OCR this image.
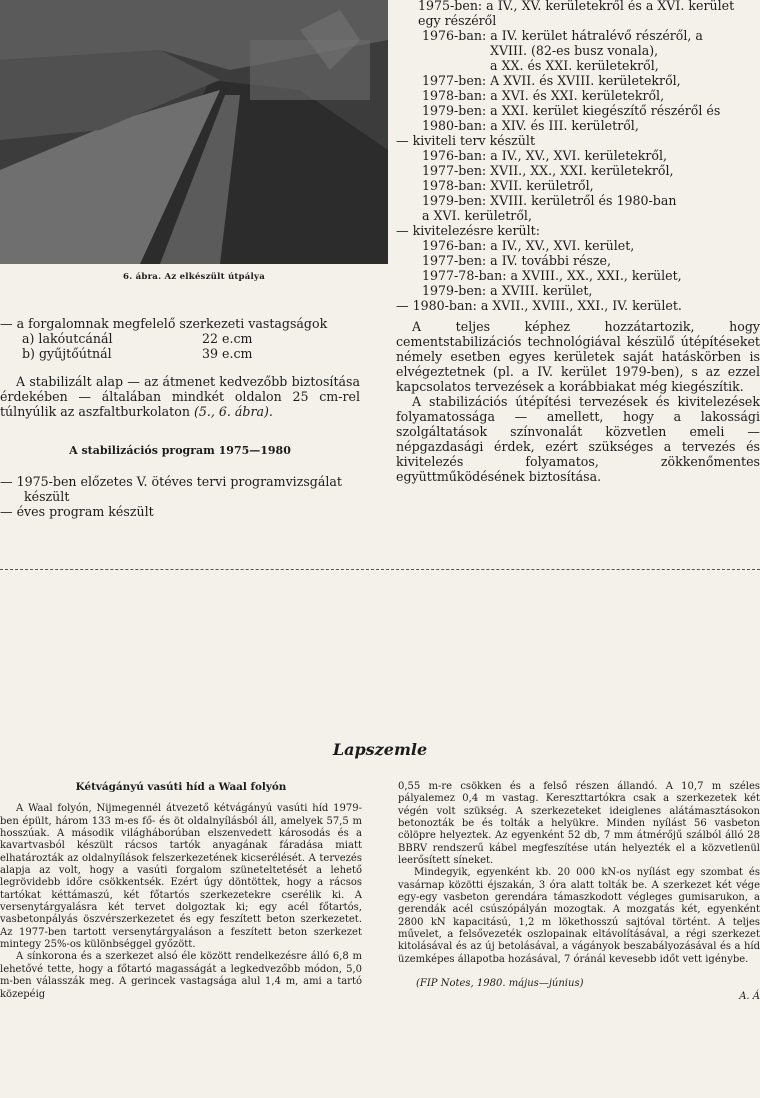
6. ábra. Az elkészült útpálya

— a forgalomnak megfelelő szerkezeti vastagságok

a) lakóutcánál	22 e.cm

b) gyűjtőútnál	39 e.cm

A stabilizált alap — az átmenet kedvezőbb biztosítása érdekében — általában mindkét oldalon 25 cm-rel túlnyúlik az aszfaltburkolaton (5., 6. ábra).

A stabilizációs program 1975—1980

— 1975-ben előzetes V. ötéves tervi programvizsgálat készült

— éves program készült

1975-ben: a IV., XV. kerületekről és a XVI. kerület egy részéről

1976-ban: a IV. kerület hátralévő részéről, a

XVIII. (82-es busz vonala),

a XX. és XXI. kerületekről,

1977-ben: A XVII. és XVIII. kerületekről,

1978-ban: a XVI. és XXI. kerületekről,

1979-ben: a XXI. kerület kiegészítő részéről és

1980-ban: a XIV. és III. kerületről,

— kiviteli terv készült

1976-ban: a IV., XV., XVI. kerületekről,

1977-ben: XVII., XX., XXI. kerületekről,

1978-ban: XVII. kerületről,

1979-ben: XVIII. kerületről és 1980-ban

a XVI. kerületről,

— kivitelezésre került:

1976-ban: a IV., XV., XVI. kerület,

1977-ben: a IV. további része,

1977-78-ban: a XVIII., XX., XXI., kerület,

1979-ben: a XVIII. kerület,

— 1980-ban: a XVII., XVIII., XXI., IV. kerület.

A teljes képhez hozzátartozik, hogy cementstabilizációs technológiával készülő útépítéseket némely esetben egyes kerületek saját hatáskörben is elvégeztetnek (pl. a IV. kerület 1979-ben), s az ezzel kapcsolatos tervezések a korábbiakat még kiegészítik.

A stabilizációs útépítési tervezések és kivitelezések folyamatossága — amellett, hogy a lakossági szolgáltatások színvonalát közvetlen emeli — népgazdasági érdek, ezért szükséges a tervezés és kivitelezés folyamatos, zökkenőmentes együttműködésének biztosítása.

Lapszemle

Kétvágányú vasúti híd a Waal folyón

A Waal folyón, Nijmegennél átvezető kétvágányú vasúti híd 1979-ben épült, három 133 m-es fő- és öt oldalnyílásból áll, amelyek 57,5 m hosszúak. A második világháborúban elszenvedett károsodás és a kavartvasból készült rácsos tartók anyagának fáradása miatt elhatározták az oldalnyílások felszerkezetének kicserélését. A tervezés alapja az volt, hogy a vasúti forgalom szüneteltetését a lehető legrövidebb időre csökkentsék. Ezért úgy döntöttek, hogy a rácsos tartókat kéttámaszú, két főtartós szerkezetekre cserélik ki. A versenytárgyalásra két tervet dolgoztak ki; egy acél főtartós, vasbetonpályás öszvérszerkezetet és egy feszített beton szerkezetet. Az 1977-ben tartott versenytárgyaláson a feszített beton szerkezet mintegy 25%-os különbséggel győzött.

A sínkorona és a szerkezet alsó éle között rendelkezésre álló 6,8 m lehetővé tette, hogy a főtartó magasságát a legkedvezőbb módon, 5,0 m-ben válasszák meg. A gerincek vastagsága alul 1,4 m, ami a tartó közepéig

0,55 m-re csökken és a felső részen állandó. A 10,7 m széles pályalemez 0,4 m vastag. Kereszttartókra csak a szerkezetek két végén volt szükség. A szerkezeteket ideiglenes alátámasztásokon betonozták be és tolták a helyükre. Minden nyílást 56 vasbeton cölöpre helyeztek. Az egyenként 52 db, 7 mm átmérőjű szálból álló 28 BBRV rendszerű kábel megfeszítése után helyezték el a közvetlenül leerősített síneket.

Mindegyik, egyenként kb. 20 000 kN-os nyílást egy szombat és vasárnap közötti éjszakán, 3 óra alatt tolták be. A szerkezet két vége egy-egy vasbeton gerendára támaszkodott végleges gumisarukon, a gerendák acél csúszópályán mozogtak. A mozgatás két, egyenként 2800 kN kapacitású, 1,2 m lökethosszú sajtóval történt. A teljes művelet, a felsővezeték oszlopainak eltávolításával, a régi szerkezet kitolásával és az új betolásával, a vágányok beszabályozásával és a híd üzemképes állapotba hozásával, 7 óránál kevesebb időt vett igénybe.

(FIP Notes, 1980. május—június)

A. Á
